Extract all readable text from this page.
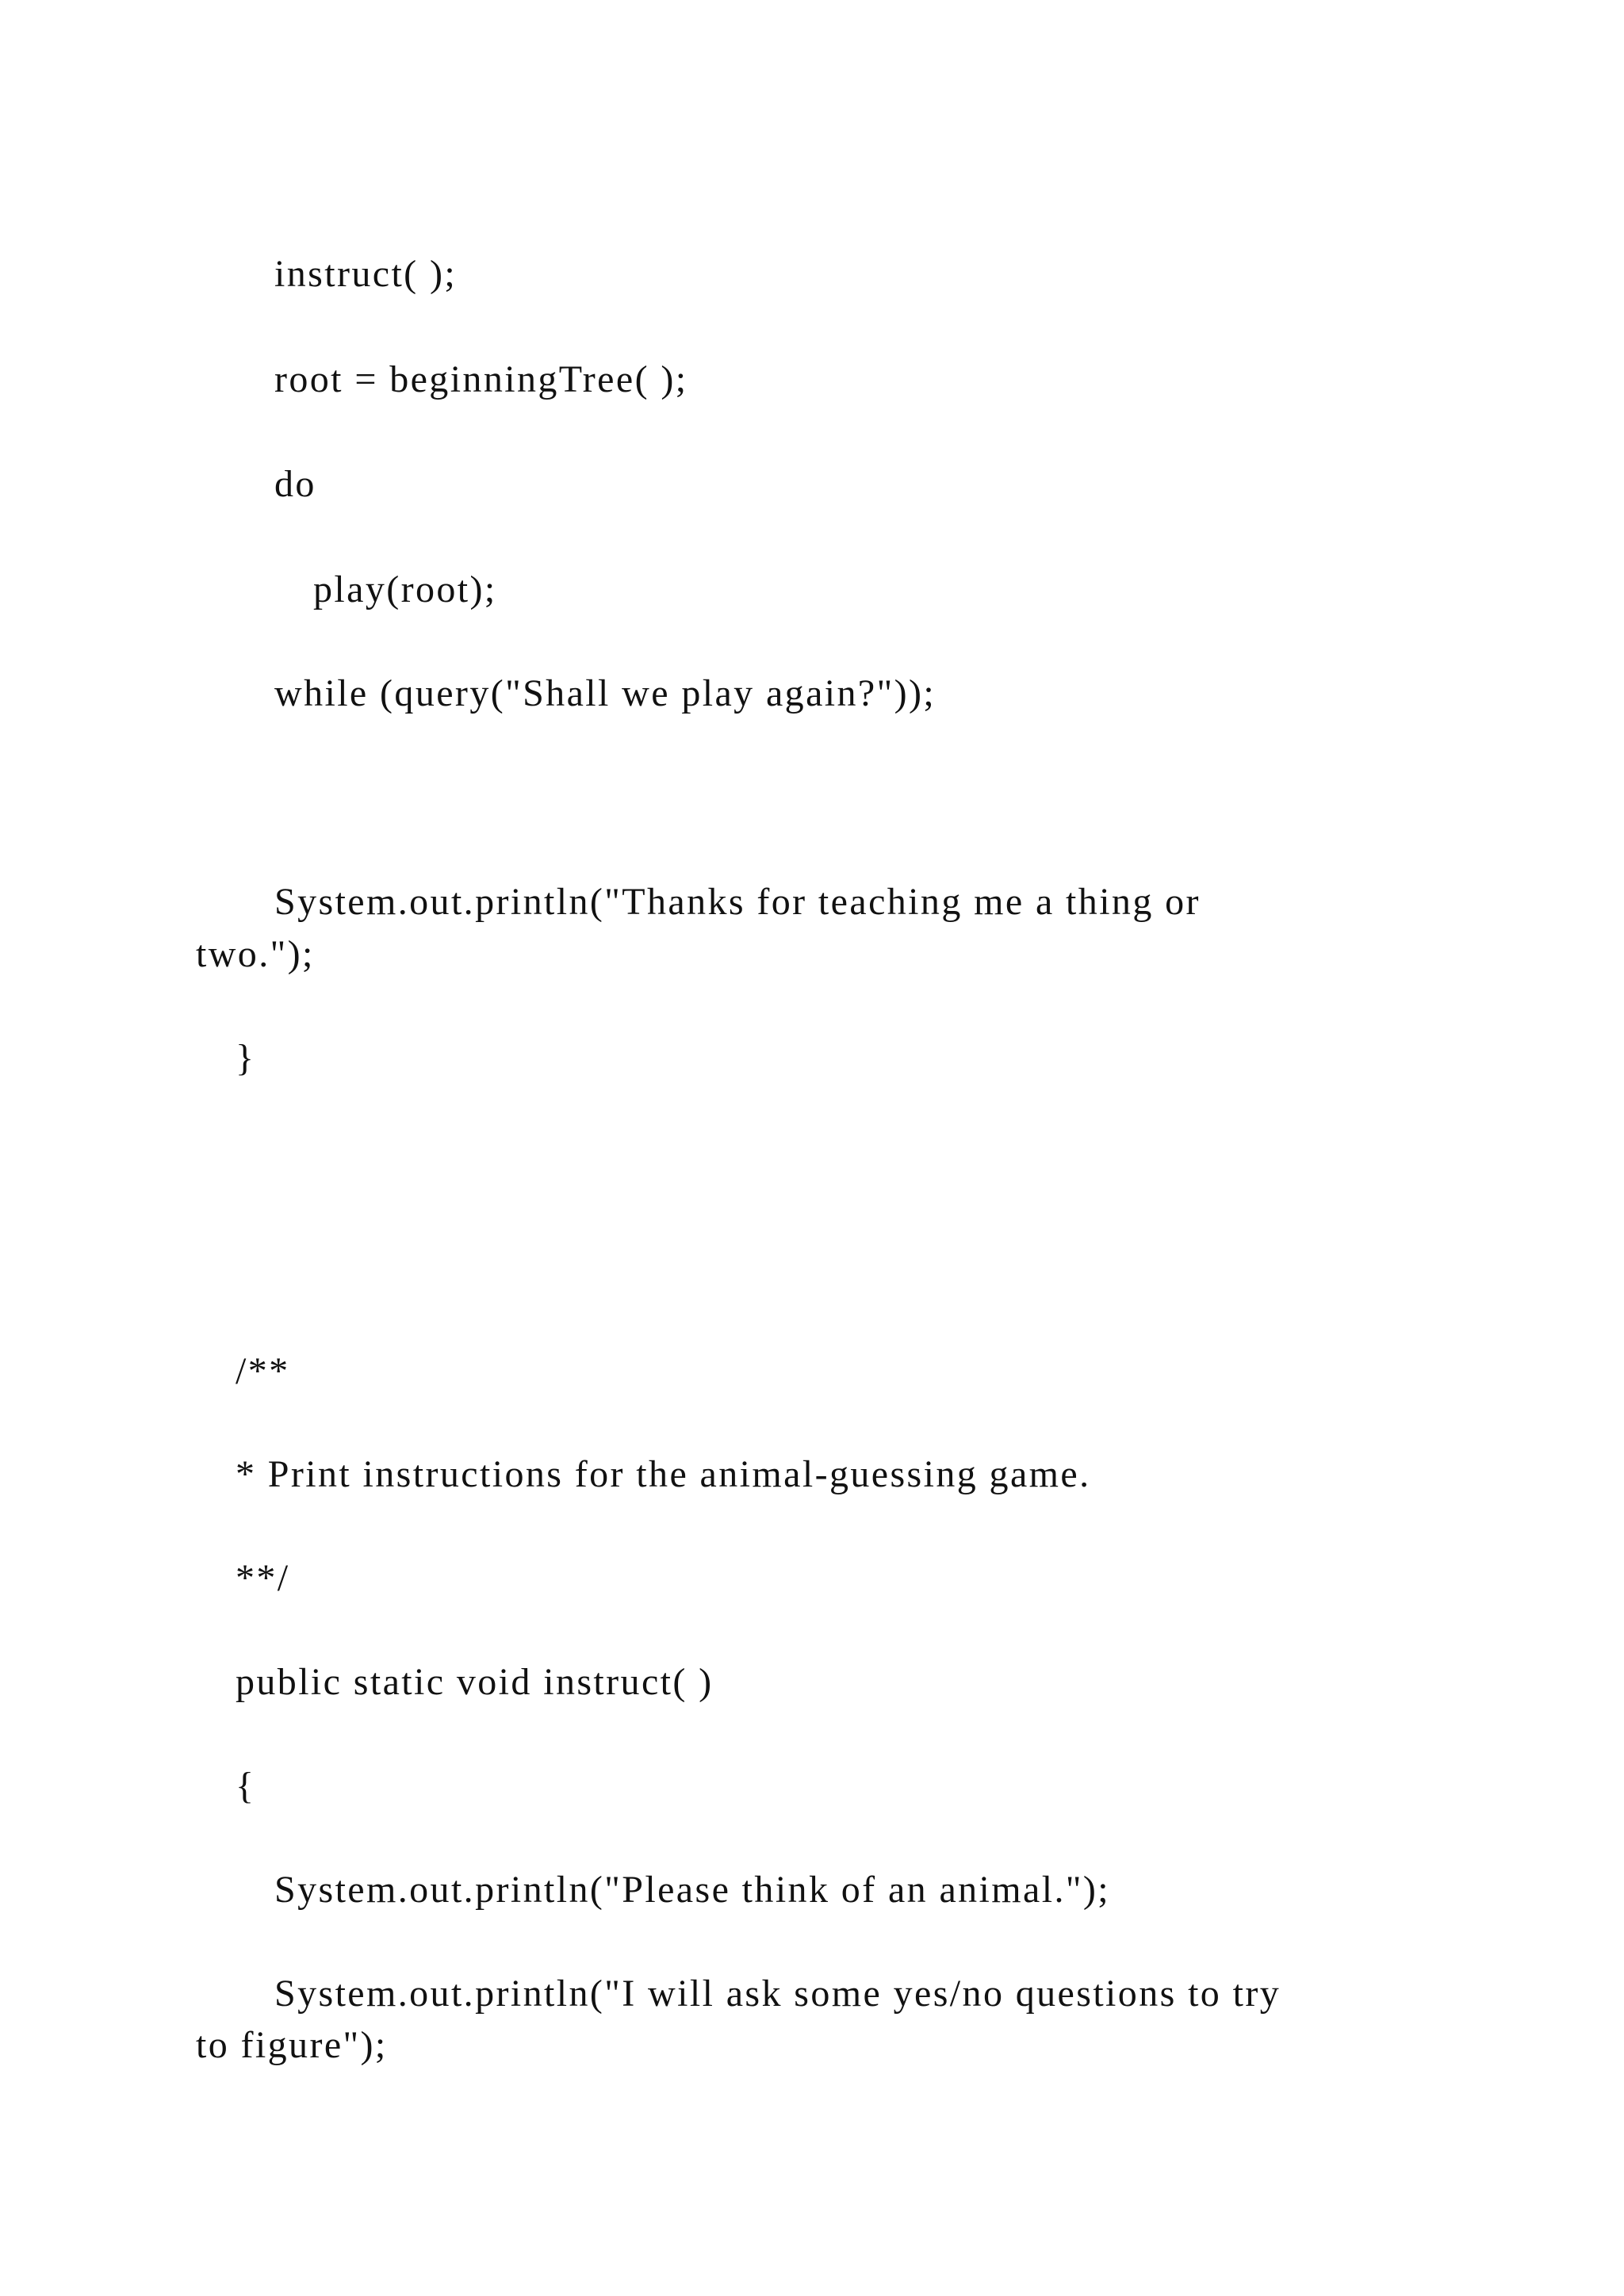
instruct( );

root = beginningTree( );

do

play(root);

while (query("Shall we play again?"));

System.out.println("Thanks for teaching me a thing or

two.");

}

/**

* Print instructions for the animal-guessing game.

**/

public static void instruct( )

{

System.out.println("Please think of an animal.");

System.out.println("I will ask some yes/no questions to try

to figure");
